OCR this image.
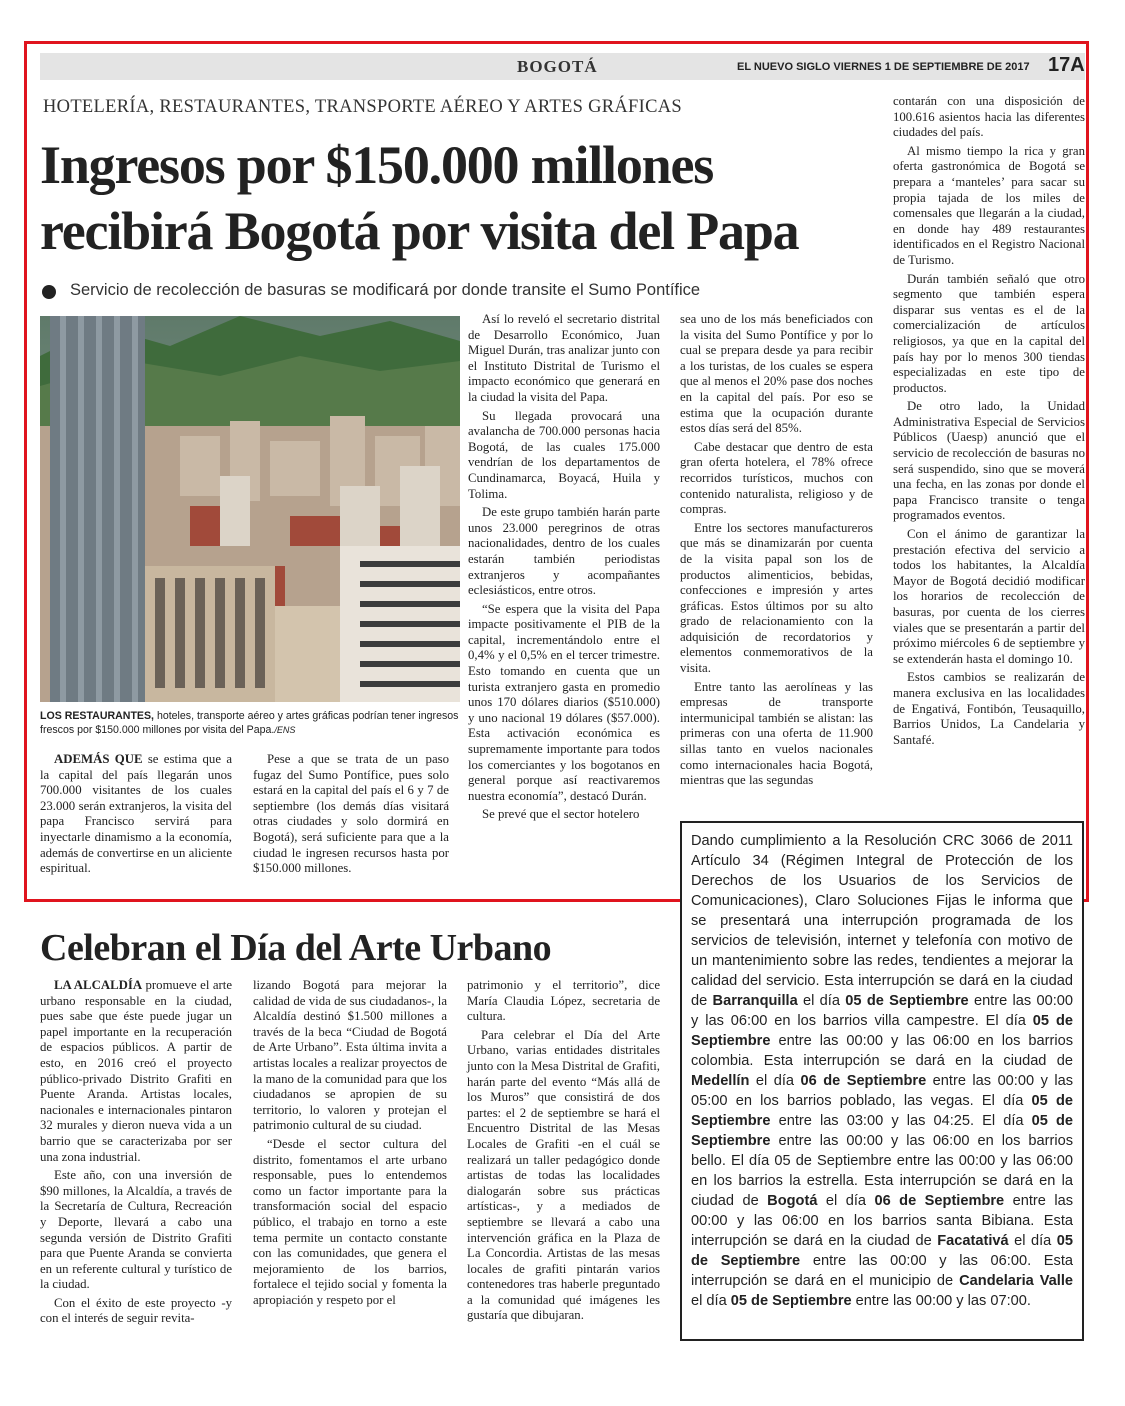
BOGOTÁ	EL NUEVO SIGLO VIERNES 1 DE SEPTIEMBRE DE 2017 17A
HOTELERÍA, RESTAURANTES, TRANSPORTE AÉREO Y ARTES GRÁFICAS
Ingresos por $150.000 millones recibirá Bogotá por visita del Papa
Servicio de recolección de basuras se modificará por donde transite el Sumo Pontífice
LOS RESTAURANTES, hoteles, transporte aéreo y artes gráficas podrían tener ingresos frescos por $150.000 millones por visita del Papa./ENS

ADEMÁS QUE se estima que a la capital del país llegarán unos 700.000 visitantes de los cuales 23.000 serán extranjeros, la visita del papa Francisco servirá para inyectarle dinamismo a la economía, además de convertirse en un aliciente espiritual.

Pese a que se trata de un paso fugaz del Sumo Pontífice, pues solo estará en la capital del país el 6 y 7 de septiembre (los demás días visitará otras ciudades y solo dormirá en Bogotá), será suficiente para que a la ciudad le ingresen recursos hasta por $150.000 millones.

Así lo reveló el secretario distrital de Desarrollo Económico, Juan Miguel Durán, tras analizar junto con el Instituto Distrital de Turismo el impacto económico que generará en la ciudad la visita del Papa.

Su llegada provocará una avalancha de 700.000 personas hacia Bogotá, de las cuales 175.000 vendrían de los departamentos de Cundinamarca, Boyacá, Huila y Tolima.

De este grupo también harán parte unos 23.000 peregrinos de otras nacionalidades, dentro de los cuales estarán también periodistas extranjeros y acompañantes eclesiásticos, entre otros.

“Se espera que la visita del Papa impacte positivamente el PIB de la capital, incrementándolo entre el 0,4% y el 0,5% en el tercer trimestre. Esto tomando en cuenta que un turista extranjero gasta en promedio unos 170 dólares diarios ($510.000) y uno nacional 19 dólares ($57.000). Esta activación económica es supremamente importante para todos los comerciantes y los bogotanos en general porque así reactivaremos nuestra economía”, destacó Durán.

Se prevé que el sector hotelero

sea uno de los más beneficiados con la visita del Sumo Pontífice y por lo cual se prepara desde ya para recibir a los turistas, de los cuales se espera que al menos el 20% pase dos noches en la capital del país. Por eso se estima que la ocupación durante estos días será del 85%.

Cabe destacar que dentro de esta gran oferta hotelera, el 78% ofrece recorridos turísticos, muchos con contenido naturalista, religioso y de compras.

Entre los sectores manufactureros que más se dinamizarán por cuenta de la visita papal son los de productos alimenticios, bebidas, confecciones e impresión y artes gráficas. Estos últimos por su alto grado de relacionamiento con la adquisición de recordatorios y elementos conmemorativos de la visita.

Entre tanto las aerolíneas y las empresas de transporte intermunicipal también se alistan: las primeras con una oferta de 11.900 sillas tanto en vuelos nacionales como internacionales hacia Bogotá, mientras que las segundas

contarán con una disposición de 100.616 asientos hacia las diferentes ciudades del país.

Al mismo tiempo la rica y gran oferta gastronómica de Bogotá se prepara a ‘manteles’ para sacar su propia tajada de los miles de comensales que llegarán a la ciudad, en donde hay 489 restaurantes identificados en el Registro Nacional de Turismo.

Durán también señaló que otro segmento que también espera disparar sus ventas es el de la comercialización de artículos religiosos, ya que en la capital del país hay por lo menos 300 tiendas especializadas en este tipo de productos.

De otro lado, la Unidad Administrativa Especial de Servicios Públicos (Uaesp) anunció que el servicio de recolección de basuras no será suspendido, sino que se moverá una fecha, en las zonas por donde el papa Francisco transite o tenga programados eventos.

Con el ánimo de garantizar la prestación efectiva del servicio a todos los habitantes, la Alcaldía Mayor de Bogotá decidió modificar los horarios de recolección de basuras, por cuenta de los cierres viales que se presentarán a partir del próximo miércoles 6 de septiembre y se extenderán hasta el domingo 10.

Estos cambios se realizarán de manera exclusiva en las localidades de Engativá, Fontibón, Teusaquillo, Barrios Unidos, La Candelaria y Santafé.

Celebran el Día del Arte Urbano

LA ALCALDÍA promueve el arte urbano responsable en la ciudad, pues sabe que éste puede jugar un papel importante en la recuperación de espacios públicos. A partir de esto, en 2016 creó el proyecto público-privado Distrito Grafiti en Puente Aranda. Artistas locales, nacionales e internacionales pintaron 32 murales y dieron nueva vida a un barrio que se caracterizaba por ser una zona industrial.

Este año, con una inversión de $90 millones, la Alcaldía, a través de la Secretaría de Cultura, Recreación y Deporte, llevará a cabo una segunda versión de Distrito Grafiti para que Puente Aranda se convierta en un referente cultural y turístico de la ciudad.

Con el éxito de este proyecto -y con el interés de seguir revita-

lizando Bogotá para mejorar la calidad de vida de sus ciudadanos-, la Alcaldía destinó $1.500 millones a través de la beca “Ciudad de Bogotá de Arte Urbano”. Esta última invita a artistas locales a realizar proyectos de la mano de la comunidad para que los ciudadanos se apropien de su territorio, lo valoren y protejan el patrimonio cultural de su ciudad.

“Desde el sector cultura del distrito, fomentamos el arte urbano responsable, pues lo entendemos como un factor importante para la transformación social del espacio público, el trabajo en torno a este tema permite un contacto constante con las comunidades, que genera el mejoramiento de los barrios, fortalece el tejido social y fomenta la apropiación y respeto por el

patrimonio y el territorio”, dice María Claudia López, secretaria de cultura.

Para celebrar el Día del Arte Urbano, varias entidades distritales junto con la Mesa Distrital de Grafiti, harán parte del evento “Más allá de los Muros” que consistirá de dos partes: el 2 de septiembre se hará el Encuentro Distrital de las Mesas Locales de Grafiti -en el cuál se realizará un taller pedagógico donde artistas de todas las localidades dialogarán sobre sus prácticas artísticas-, y a mediados de septiembre se llevará a cabo una intervención gráfica en la Plaza de La Concordia. Artistas de las mesas locales de grafiti pintarán varios contenedores tras haberle preguntado a la comunidad qué imágenes les gustaría que dibujaran.

Dando cumplimiento a la Resolución CRC 3066 de 2011 Artículo 34 (Régimen Integral de Protección de los Derechos de los Usuarios de los Servicios de Comunicaciones), Claro Soluciones Fijas le informa que se presentará una interrupción programada de los servicios de televisión, internet y telefonía con motivo de un mantenimiento sobre las redes, tendientes a mejorar la calidad del servicio. Esta interrupción se dará en la ciudad de Barranquilla el día 05 de Septiembre entre las 00:00 y las 06:00 en los barrios villa campestre. El día 05 de Septiembre entre las 00:00 y las 06:00 en los barrios colombia. Esta interrupción se dará en la ciudad de Medellín el día 06 de Septiembre entre las 00:00 y las 05:00 en los barrios poblado, las vegas. El día 05 de Septiembre entre las 03:00 y las 04:25. El día 05 de Septiembre entre las 00:00 y las 06:00 en los barrios bello. El día 05 de Septiembre entre las 00:00 y las 06:00 en los barrios la estrella. Esta interrupción se dará en la ciudad de Bogotá el día 06 de Septiembre entre las 00:00 y las 06:00 en los barrios santa Bibiana. Esta interrupción se dará en la ciudad de Facatativá el día 05 de Septiembre entre las 00:00 y las 06:00. Esta interrupción se dará en el municipio de Candelaria Valle el día 05 de Septiembre entre las 00:00 y las 07:00.
